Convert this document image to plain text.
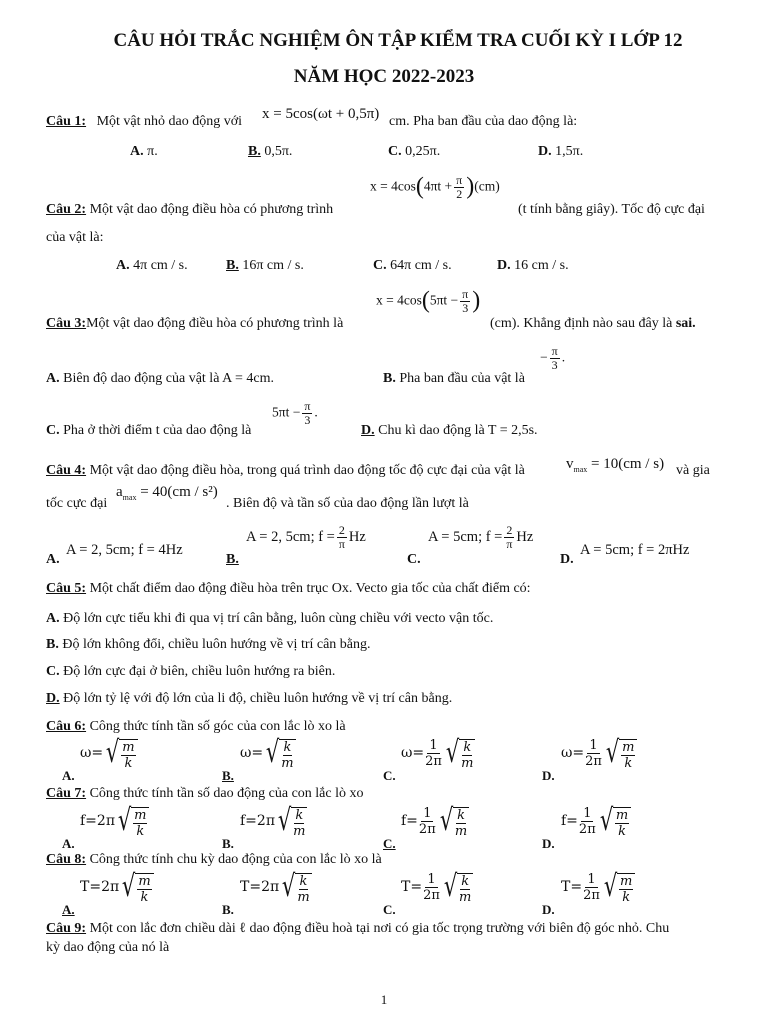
CÂU HỎI TRẮC NGHIỆM ÔN TẬP KIỂM TRA CUỐI KỲ I LỚP 12
NĂM HỌC 2022-2023
Câu 1: Một vật nhỏ dao động với x = 5cos(ωt + 0,5π) cm. Pha ban đầu của dao động là:
A. π.	B. 0,5π.	C. 0,25π.	D. 1,5π.
Câu 2: Một vật dao động điều hòa có phương trình
$x = 4\cos(4\pi t + \frac{\pi}{2} )(cm)$
(t tính bằng giây). Tốc độ cực đại
của vật là:
A. 4π cm / s.	B. 16π cm / s.	C. 64π cm / s.	D. 16 cm / s.
Câu 3:Một vật dao động điều hòa có phương trình là
$x = 4\cos(5\pi t - \frac{\pi}{3}$ )
(cm). Khẳng định nào sau đây là sai.
A. Biên độ dao động của vật là A = 4cm.	B. Pha ban đầu của vật là
− $\frac{\pi}{3}$ .
C. Pha ở thời điểm t của dao động là
$5\pi t - \frac{\pi}{3}$ .
D. Chu kì dao động là T = 2,5s.
Câu 4: Một vật dao động điều hòa, trong quá trình dao động tốc độ cực đại của vật là	$v_{max} = 10(cm / s)$ và gia
tốc cực đại
$a_{max} = 40(cm / s^2)$
. Biên độ và tần số của dao động lần lượt là
A.
A = 2, 5cm; f = 4Hz
B.
A = 2, 5cm; $f = \frac{2}{\pi}$ Hz
C.
A = 5cm; $f = \frac{2}{\pi}$ Hz
D.
A = 5cm; f = 2πHz
Câu 5: Một chất điểm dao động điều hòa trên trục Ox. Vecto gia tốc của chất điểm có:
A. Độ lớn cực tiểu khi đi qua vị trí cân bằng, luôn cùng chiều với vecto vận tốc.
B. Độ lớn không đổi, chiều luôn hướng về vị trí cân bằng.
C. Độ lớn cực đại ở biên, chiều luôn hướng ra biên.
D. Độ lớn tỷ lệ với độ lớn của li độ, chiều luôn hướng về vị trí cân bằng.
Câu 6: Công thức tính tần số góc của con lắc lò xo là
A.
ω= √ m
k
B.
ω= √ k
m
C.
$\omega= \frac{1}{2\pi}$ √ k
m
D.
$\omega= \frac{1}{2\pi}$ √ m
k
Câu 7: Công thức tính tần số dao động của con lắc lò xo
A.
f=2π √ m
k
B.
f=2π √ k
m
C.
$f= \frac{1}{2\pi}$ √ k
m
D.
$f= \frac{1}{2\pi}$ √ m
k
Câu 8: Công thức tính chu kỳ dao động của con lắc lò xo là
A.
T=2π √ m
k
B.
T=2π √ k
m
C.
$T= \frac{1}{2\pi}$ √ k
m
D.
$T= \frac{1}{2\pi}$ √ m
k
Câu 9: Một con lắc đơn chiều dài ℓ dao động điều hoà tại nơi có gia tốc trọng trường với biên độ góc nhỏ. Chu
kỳ dao động của nó là
1
